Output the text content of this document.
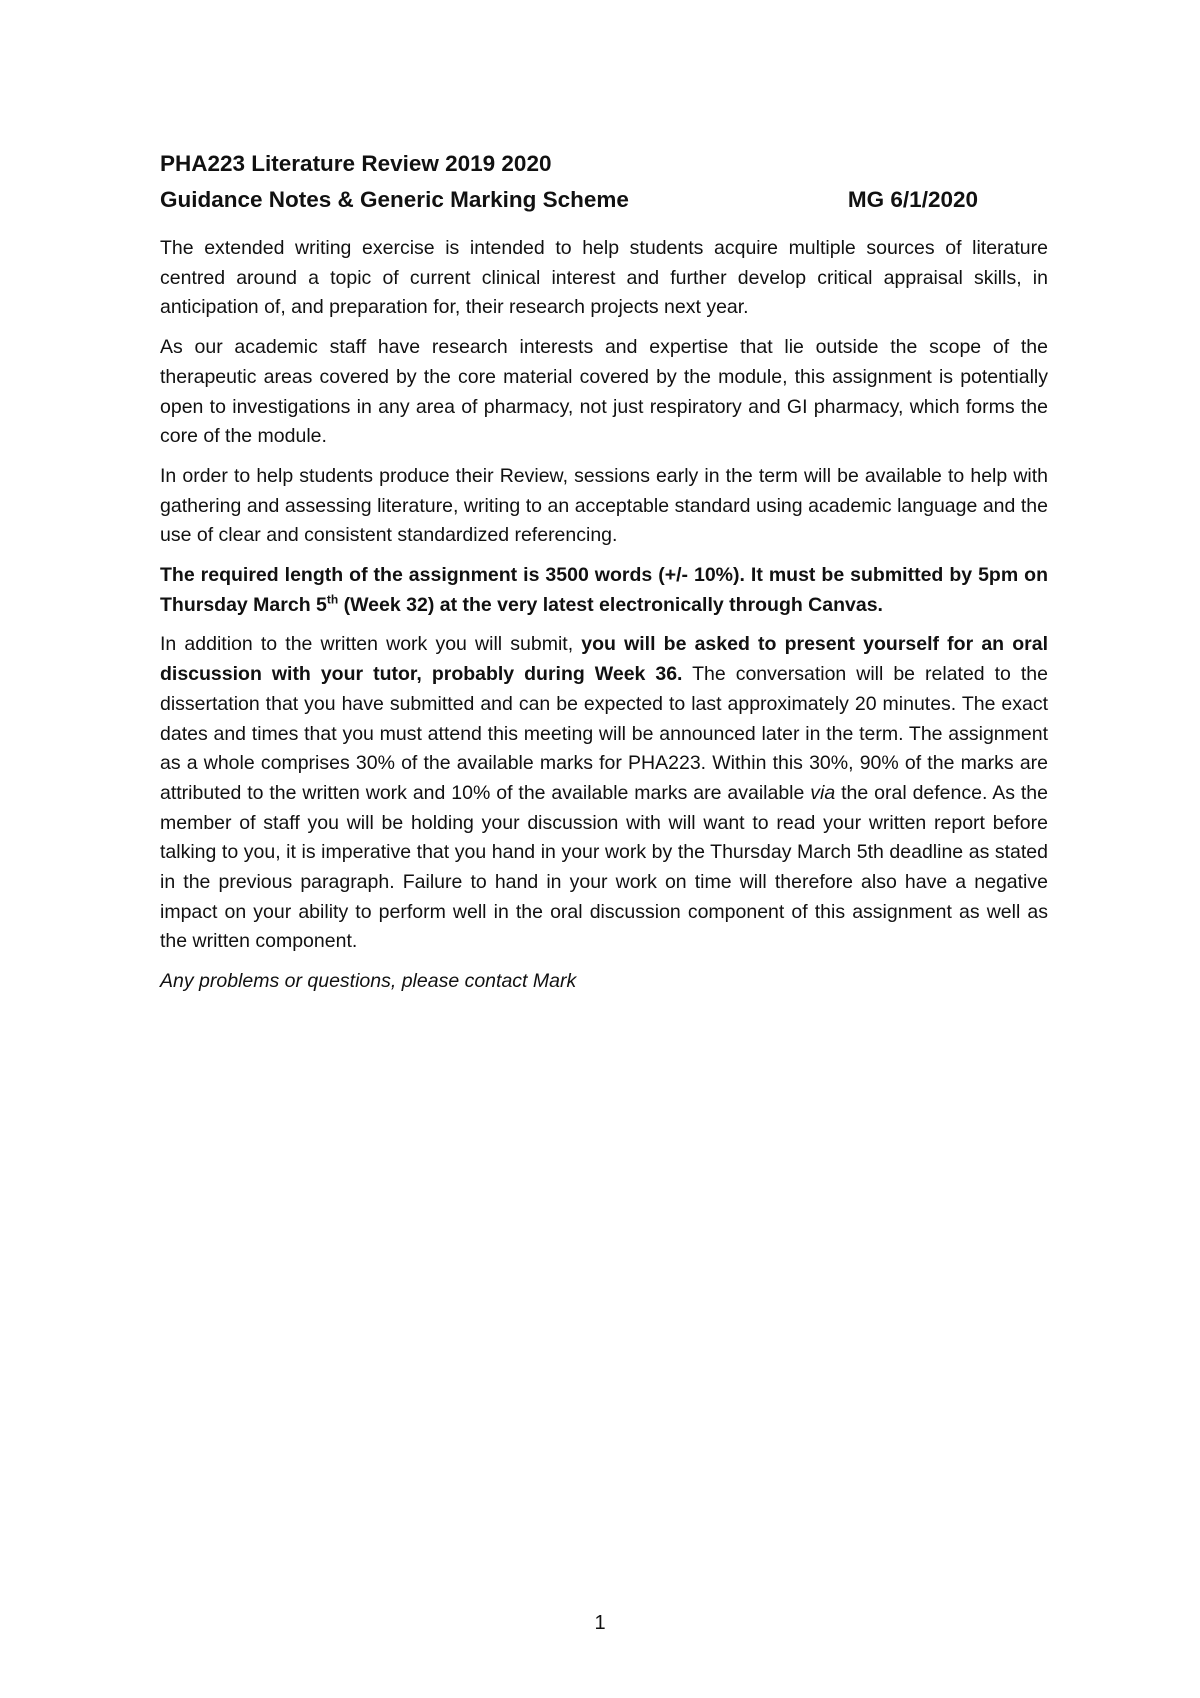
PHA223 Literature Review 2019 2020

Guidance Notes & Generic Marking Scheme	MG 6/1/2020

The extended writing exercise is intended to help students acquire multiple sources of literature centred around a topic of current clinical interest and further develop critical appraisal skills, in anticipation of, and preparation for, their research projects next year.

As our academic staff have research interests and expertise that lie outside the scope of the therapeutic areas covered by the core material covered by the module, this assignment is potentially open to investigations in any area of pharmacy, not just respiratory and GI pharmacy, which forms the core of the module.

In order to help students produce their Review, sessions early in the term will be available to help with gathering and assessing literature, writing to an acceptable standard using academic language and the use of clear and consistent standardized referencing.

The required length of the assignment is 3500 words (+/- 10%). It must be submitted by 5pm on Thursday March 5th (Week 32) at the very latest electronically through Canvas.

In addition to the written work you will submit, you will be asked to present yourself for an oral discussion with your tutor, probably during Week 36. The conversation will be related to the dissertation that you have submitted and can be expected to last approximately 20 minutes. The exact dates and times that you must attend this meeting will be announced later in the term. The assignment as a whole comprises 30% of the available marks for PHA223. Within this 30%, 90% of the marks are attributed to the written work and 10% of the available marks are available via the oral defence. As the member of staff you will be holding your discussion with will want to read your written report before talking to you, it is imperative that you hand in your work by the Thursday March 5th deadline as stated in the previous paragraph. Failure to hand in your work on time will therefore also have a negative impact on your ability to perform well in the oral discussion component of this assignment as well as the written component.

Any problems or questions, please contact Mark

1
